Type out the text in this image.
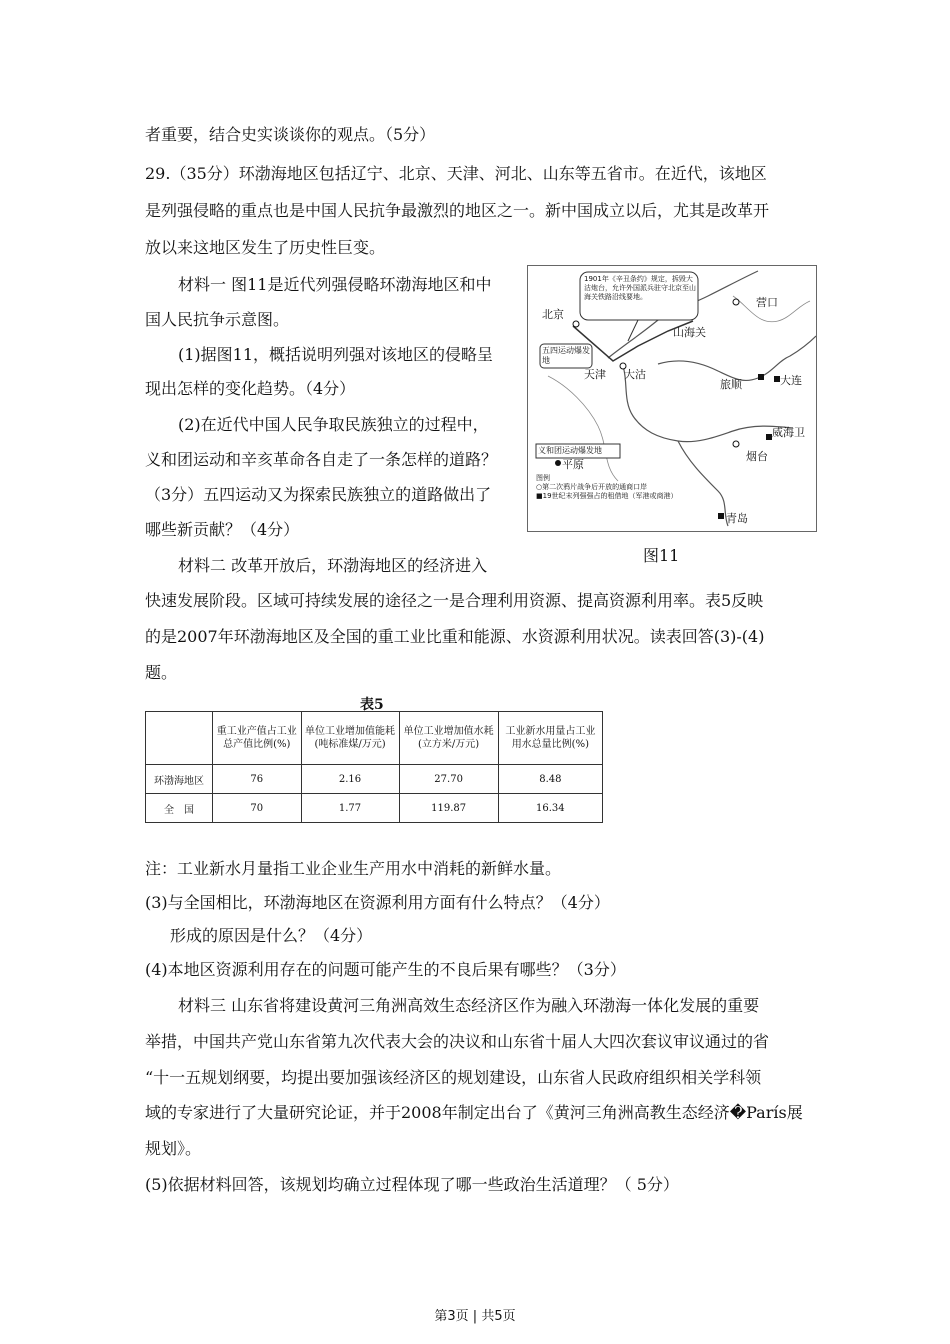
者重要，结合史实谈谈你的观点。（5分）
29.（35分）环渤海地区包括辽宁、北京、天津、河北、山东等五省市。在近代，该地区
是列强侵略的重点也是中国人民抗争最激烈的地区之一。新中国成立以后，尤其是改革开
放以来这地区发生了历史性巨变。
材料一 图11是近代列强侵略环渤海地区和中
国人民抗争示意图。
(1)据图11，概括说明列强对该地区的侵略呈
现出怎样的变化趋势。（4分）
(2)在近代中国人民争取民族独立的过程中，
义和团运动和辛亥革命各自走了一条怎样的道路？
（3分）五四运动又为探索民族独立的道路做出了
哪些新贡献？（4分）
材料二 改革开放后，环渤海地区的经济进入
快速发展阶段。区域可持续发展的途径之一是合理利用资源、提高资源利用率。表5反映
的是2007年环渤海地区及全国的重工业比重和能源、水资源利用状况。读表回答(3)-(4)
题。
1901年《辛丑条约》规定，拆毁大沽炮台，允许外国派兵驻守北京至山海关铁路沿线要地。
五四运动爆发地
义和团运动爆发地
图例
○第二次鸦片战争后开放的通商口岸
■19世纪末列强强占的租借地（军港或商港）
北京
天津	大沽
山海关
营口
旅顺	大连
威海卫
烟台
平原
青岛
图11
表5
	重工业产值占工业总产值比例(%)	单位工业增加值能耗(吨标准煤/万元)	单位工业增加值水耗(立方米/万元)	工业新水用量占工业用水总量比例(%)
环渤海地区	76	2.16	27.70	8.48
全　国	70	1.77	119.87	16.34
注：工业新水月量指工业企业生产用水中消耗的新鲜水量。
(3)与全国相比，环渤海地区在资源利用方面有什么特点？（4分）
形成的原因是什么？（4分）
(4)本地区资源利用存在的问题可能产生的不良后果有哪些？（3分）
材料三 山东省将建设黄河三角洲高效生态经济区作为融入环渤海一体化发展的重要
举措，中国共产党山东省第九次代表大会的决议和山东省十届人大四次套议审议通过的省
“十一五规划纲要，均提出要加强该经济区的规划建设，山东省人民政府组织相关学科领
域的专家进行了大量研究论证，并于2008年制定出台了《黄河三角洲高教生态经济�París展
规划》。
(5)依据材料回答，该规划均确立过程体现了哪一些政治生活道理？（ 5分）
第3页 | 共5页
